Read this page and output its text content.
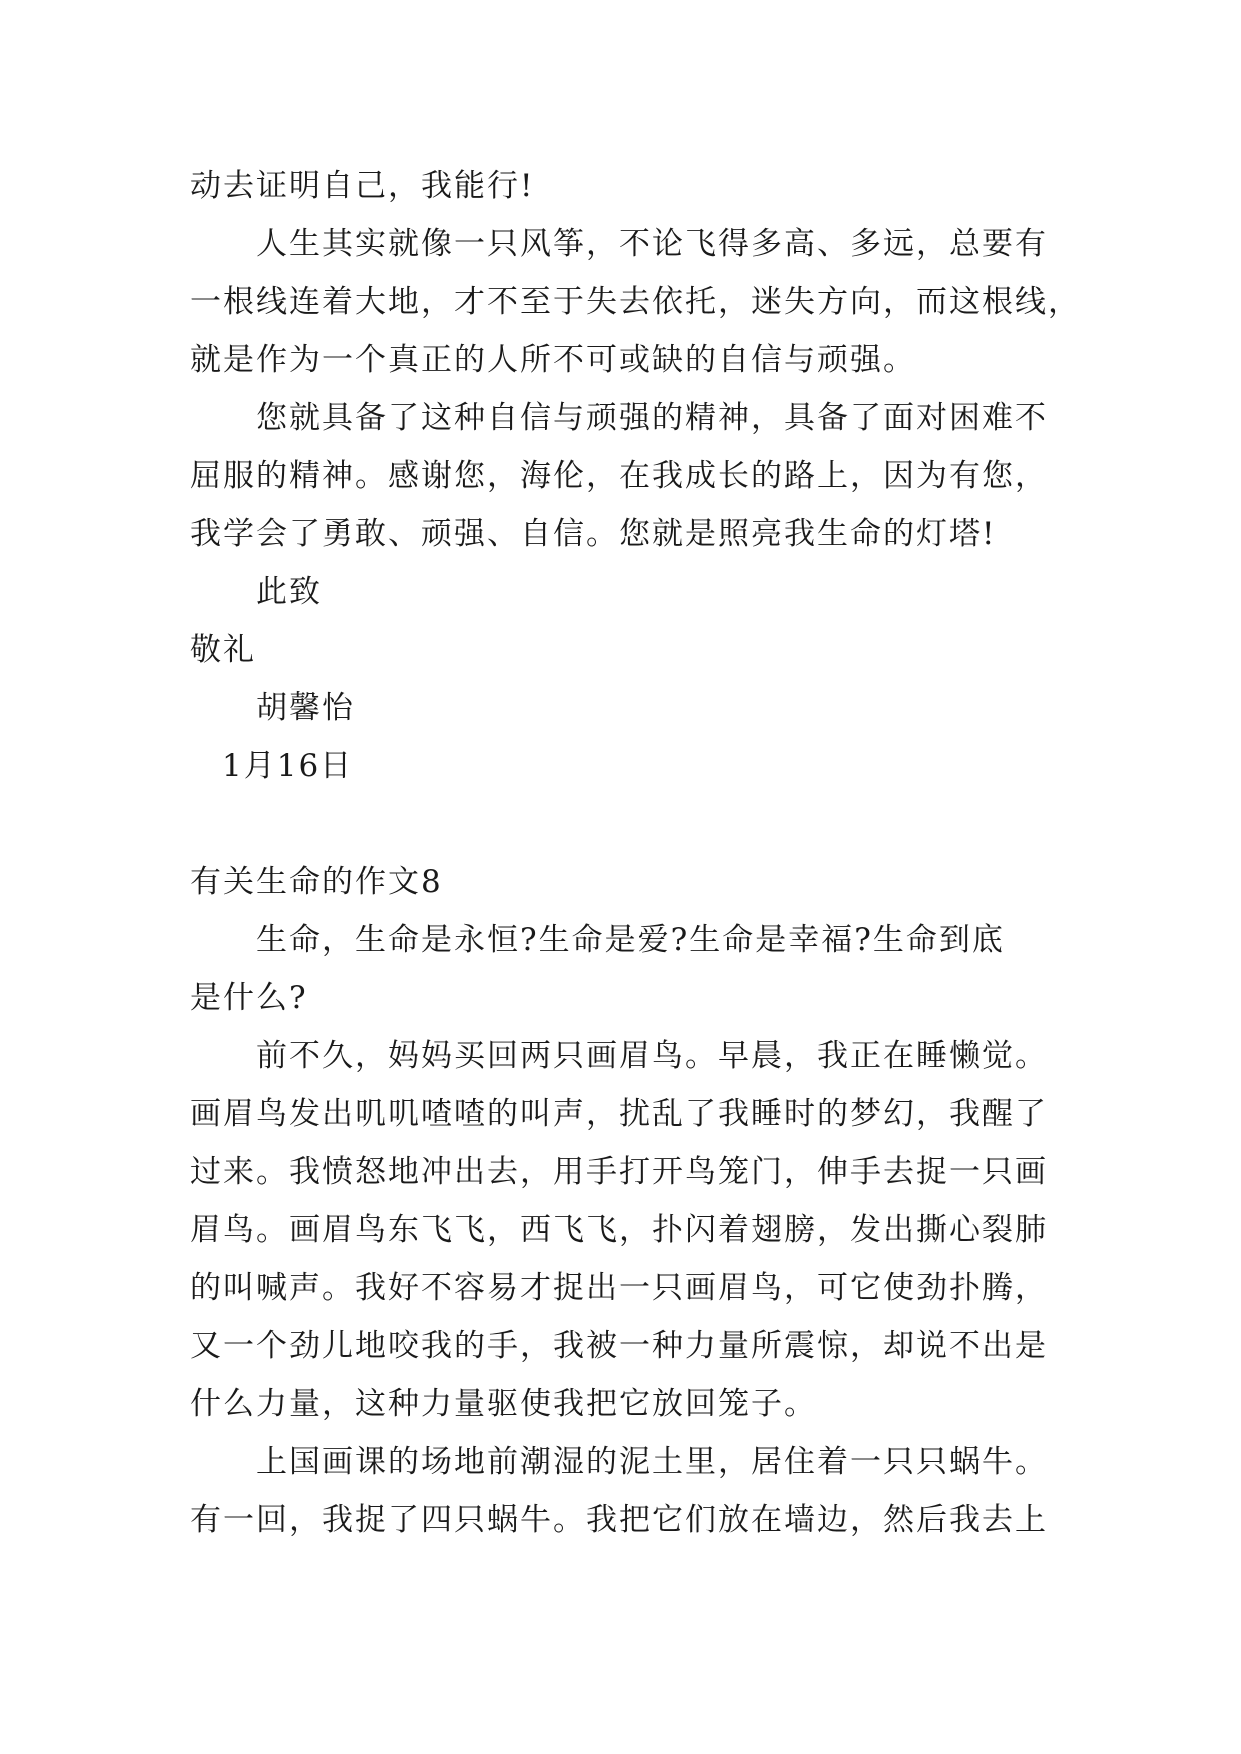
动去证明自己，我能行!
人生其实就像一只风筝，不论飞得多高、多远，总要有
一根线连着大地，才不至于失去依托，迷失方向，而这根线，
就是作为一个真正的人所不可或缺的自信与顽强。
您就具备了这种自信与顽强的精神，具备了面对困难不
屈服的精神。感谢您，海伦，在我成长的路上，因为有您，
我学会了勇敢、顽强、自信。您就是照亮我生命的灯塔!
此致
敬礼
胡馨怡
1月16日
有关生命的作文8
生命，生命是永恒?生命是爱?生命是幸福?生命到底
是什么?
前不久，妈妈买回两只画眉鸟。早晨，我正在睡懒觉。
画眉鸟发出叽叽喳喳的叫声，扰乱了我睡时的梦幻，我醒了
过来。我愤怒地冲出去，用手打开鸟笼门，伸手去捉一只画
眉鸟。画眉鸟东飞飞，西飞飞，扑闪着翅膀，发出撕心裂肺
的叫喊声。我好不容易才捉出一只画眉鸟，可它使劲扑腾，
又一个劲儿地咬我的手，我被一种力量所震惊，却说不出是
什么力量，这种力量驱使我把它放回笼子。
上国画课的场地前潮湿的泥土里，居住着一只只蜗牛。
有一回，我捉了四只蜗牛。我把它们放在墙边，然后我去上
